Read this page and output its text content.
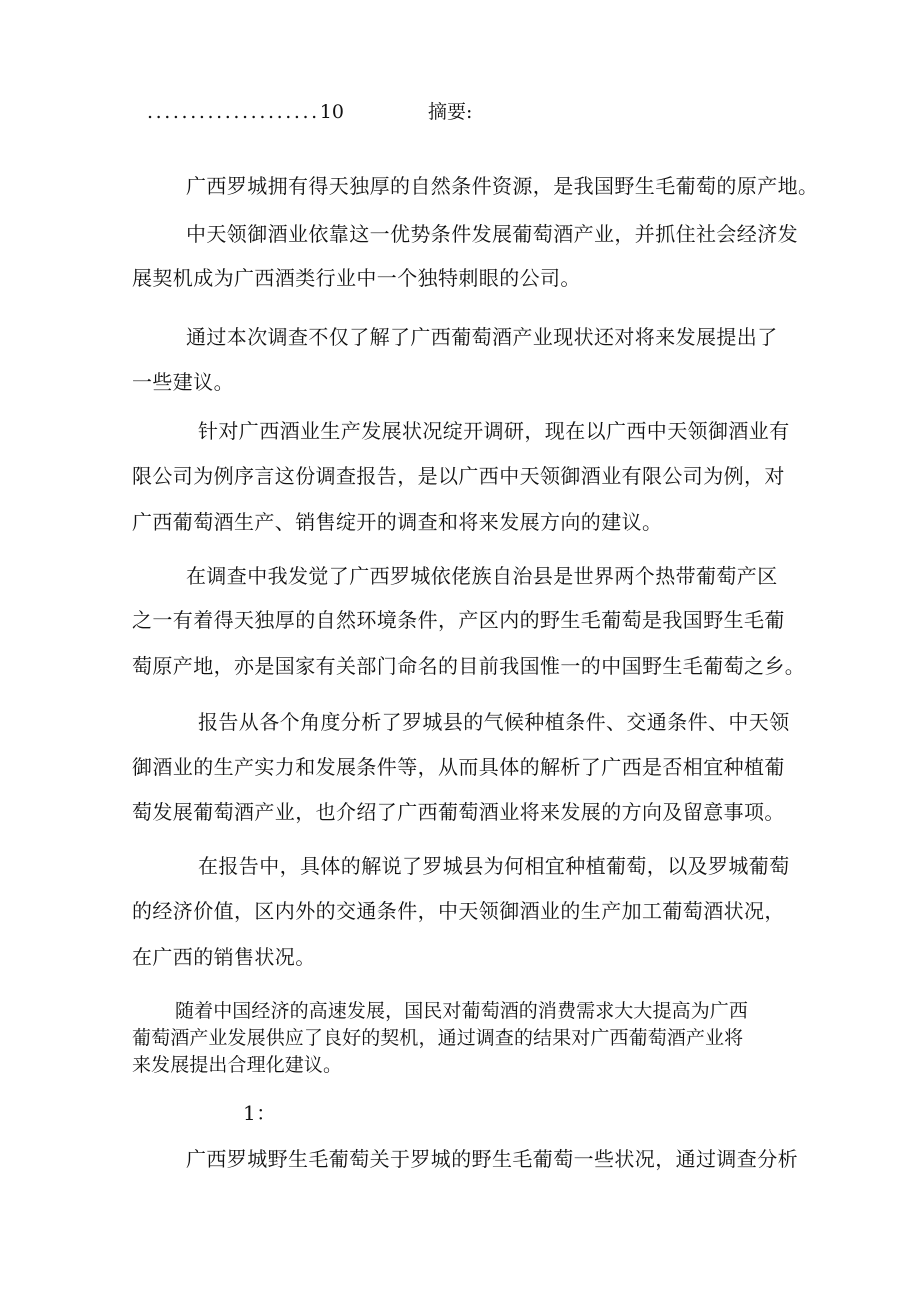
....................10	摘要:
广西罗城拥有得天独厚的自然条件资源，是我国野生毛葡萄的原产地。
中天领御酒业依靠这一优势条件发展葡萄酒产业，并抓住社会经济发
展契机成为广西酒类行业中一个独特刺眼的公司。
通过本次调查不仅了解了广西葡萄酒产业现状还对将来发展提出了
一些建议。
针对广西酒业生产发展状况绽开调研，现在以广西中天领御酒业有
限公司为例序言这份调查报告，是以广西中天领御酒业有限公司为例，对
广西葡萄酒生产、销售绽开的调查和将来发展方向的建议。
在调查中我发觉了广西罗城依佬族自治县是世界两个热带葡萄产区
之一有着得天独厚的自然环境条件，产区内的野生毛葡萄是我国野生毛葡
萄原产地，亦是国家有关部门命名的目前我国惟一的中国野生毛葡萄之乡。
报告从各个角度分析了罗城县的气候种植条件、交通条件、中天领
御酒业的生产实力和发展条件等，从而具体的解析了广西是否相宜种植葡
萄发展葡萄酒产业，也介绍了广西葡萄酒业将来发展的方向及留意事项。
在报告中，具体的解说了罗城县为何相宜种植葡萄，以及罗城葡萄
的经济价值，区内外的交通条件，中天领御酒业的生产加工葡萄酒状况，
在广西的销售状况。
随着中国经济的高速发展，国民对葡萄酒的消费需求大大提高为广西
葡萄酒产业发展供应了良好的契机，通过调查的结果对广西葡萄酒产业将
来发展提出合理化建议。
1：
广西罗城野生毛葡萄关于罗城的野生毛葡萄一些状况，通过调查分析
